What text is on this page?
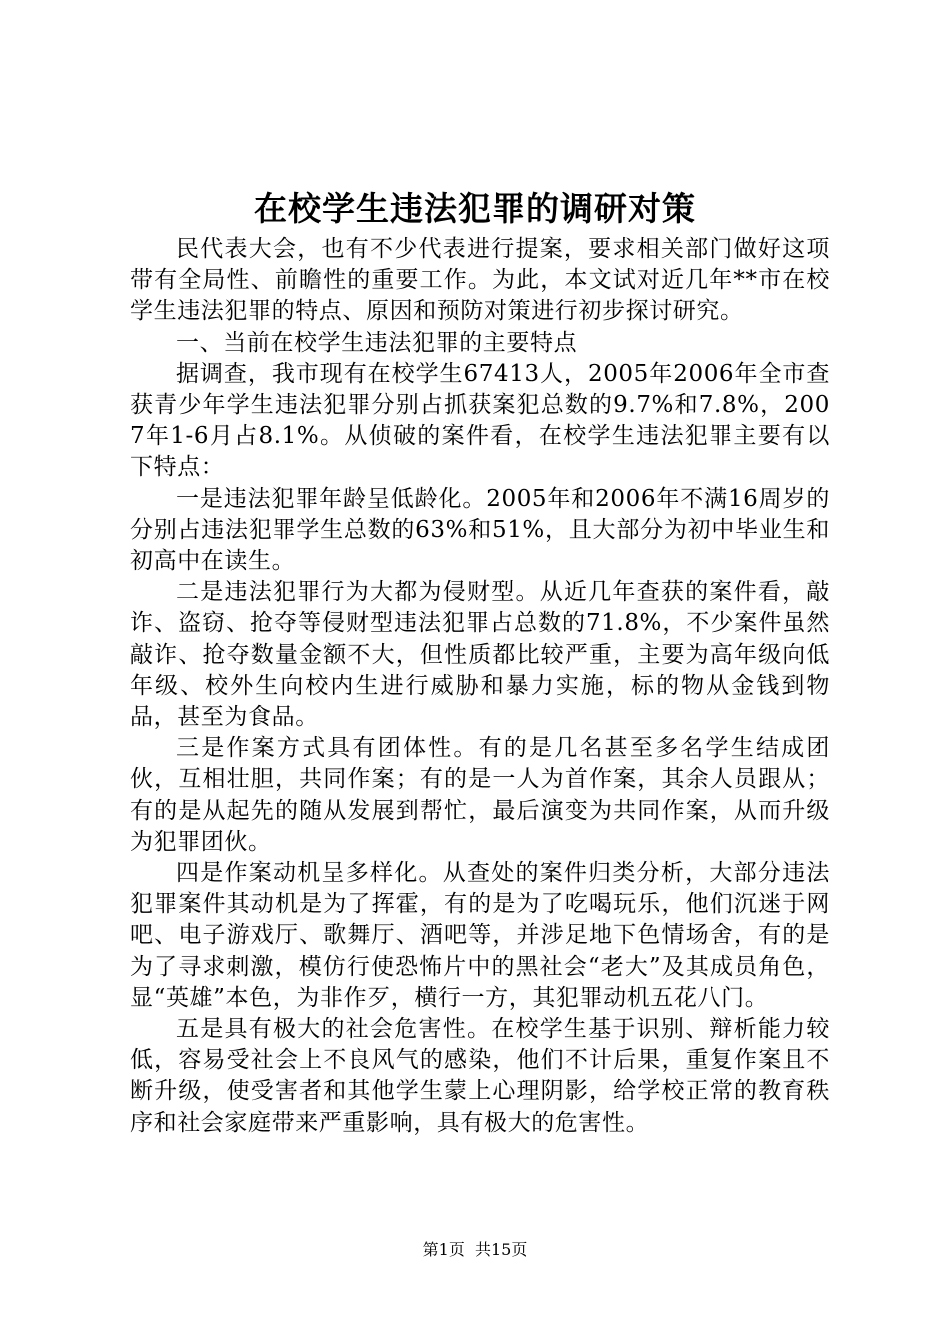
在校学生违法犯罪的调研对策

民代表大会，也有不少代表进行提案，要求相关部门做好这项带有全局性、前瞻性的重要工作。为此，本文试对近几年**市在校学生违法犯罪的特点、原因和预防对策进行初步探讨研究。

一、当前在校学生违法犯罪的主要特点

据调查，我市现有在校学生67413人，2005年2006年全市查获青少年学生违法犯罪分别占抓获案犯总数的9.7%和7.8%，2007年1-6月占8.1%。从侦破的案件看，在校学生违法犯罪主要有以下特点：

一是违法犯罪年龄呈低龄化。2005年和2006年不满16周岁的分别占违法犯罪学生总数的63%和51%，且大部分为初中毕业生和初高中在读生。

二是违法犯罪行为大都为侵财型。从近几年查获的案件看，敲诈、盗窃、抢夺等侵财型违法犯罪占总数的71.8%，不少案件虽然敲诈、抢夺数量金额不大，但性质都比较严重，主要为高年级向低年级、校外生向校内生进行威胁和暴力实施，标的物从金钱到物品，甚至为食品。

三是作案方式具有团体性。有的是几名甚至多名学生结成团伙，互相壮胆，共同作案；有的是一人为首作案，其余人员跟从；有的是从起先的随从发展到帮忙，最后演变为共同作案，从而升级为犯罪团伙。

四是作案动机呈多样化。从查处的案件归类分析，大部分违法犯罪案件其动机是为了挥霍，有的是为了吃喝玩乐，他们沉迷于网吧、电子游戏厅、歌舞厅、酒吧等，并涉足地下色情场舍，有的是为了寻求刺激，模仿行使恐怖片中的黑社会“老大”及其成员角色，显“英雄”本色，为非作歹，横行一方，其犯罪动机五花八门。

五是具有极大的社会危害性。在校学生基于识别、辩析能力较低，容易受社会上不良风气的感染，他们不计后果，重复作案且不断升级，使受害者和其他学生蒙上心理阴影，给学校正常的教育秩序和社会家庭带来严重影响，具有极大的危害性。

第1页  共15页
